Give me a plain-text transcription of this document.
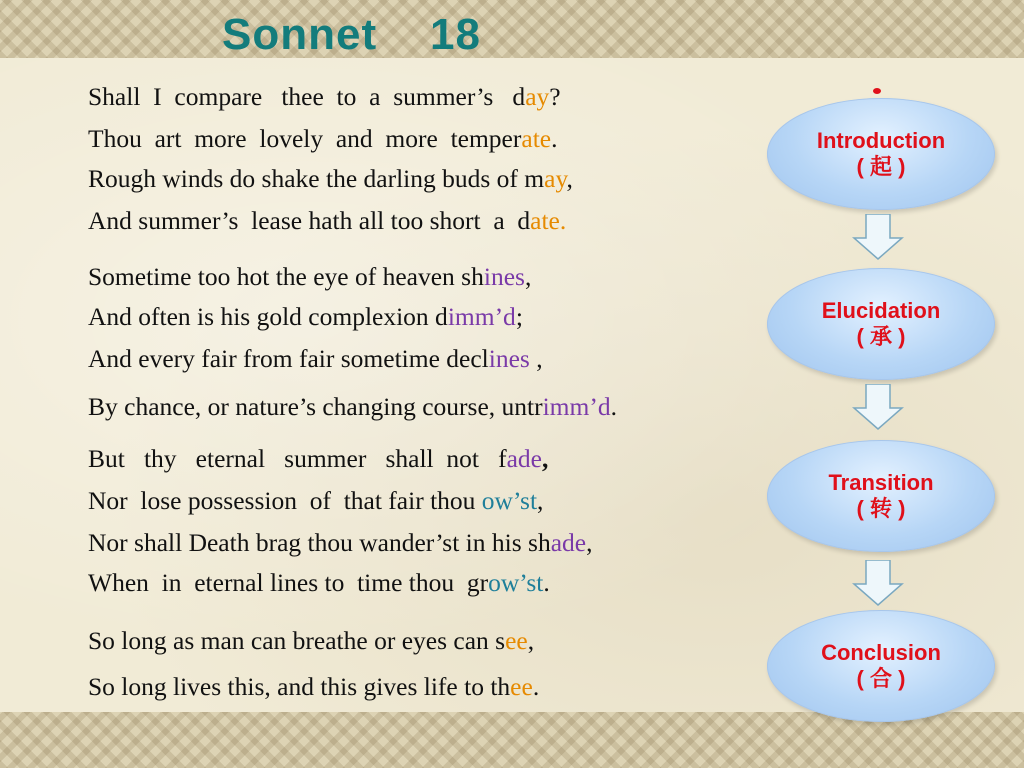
Sonnet    18
Shall  I  compare   thee  to  a  summer’s   day?
Thou  art  more  lovely  and  more  temperate.
Rough winds do shake the darling buds of may,
And summer’s  lease hath all too short  a  date.
Sometime too hot the eye of heaven shines,
And often is his gold complexion dimm’d;
And every fair from fair sometime declines ,
By chance, or nature’s changing course, untrimm’d.
But   thy   eternal   summer   shall  not   fade,
Nor  lose possession  of  that fair thou ow’st,
Nor shall Death brag thou wander’st in his shade,
When  in  eternal lines to  time thou  grow’st.
So long as man can breathe or eyes can see,
So long lives this, and this gives life to thee.
Introduction
( 起 )
Elucidation
( 承 )
Transition
( 转 )
Conclusion
( 合 )
